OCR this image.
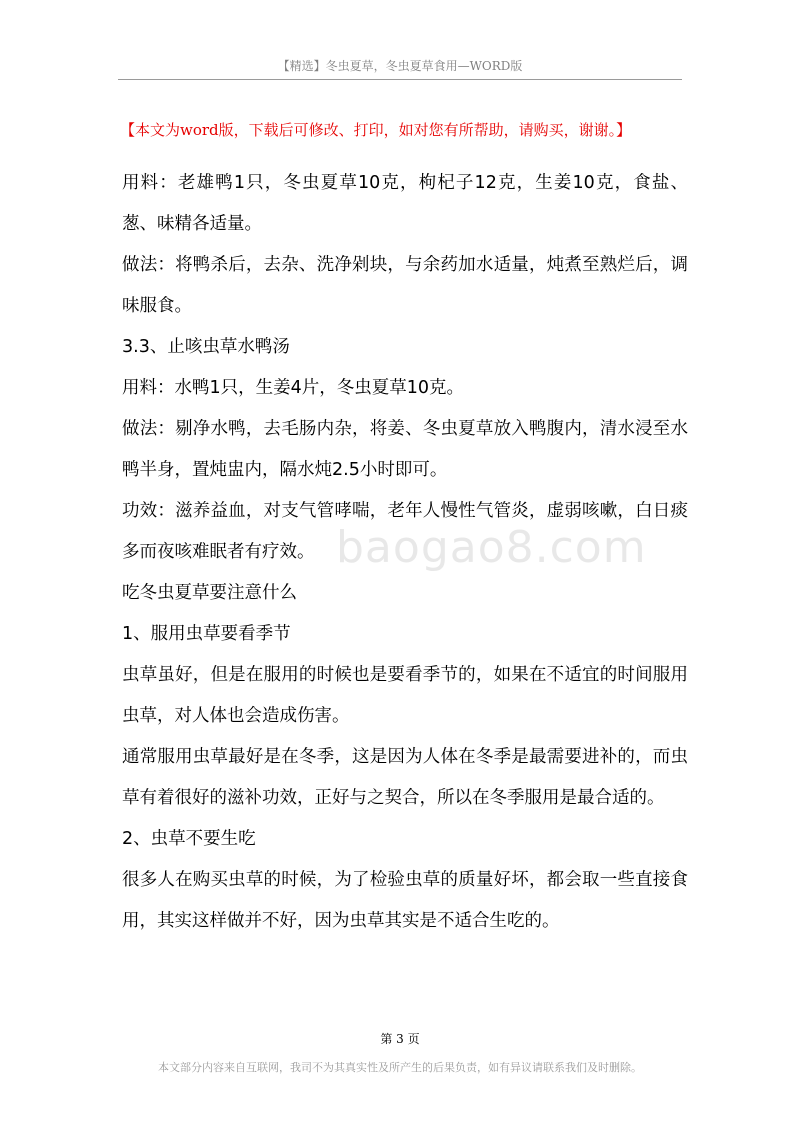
【精选】冬虫夏草，冬虫夏草食用—WORD版
【本文为word版，下载后可修改、打印，如对您有所帮助，请购买，谢谢。】

用料：老雄鸭1只，冬虫夏草10克，枸杞子12克，生姜10克，食盐、葱、味精各适量。

做法：将鸭杀后，去杂、洗净剁块，与余药加水适量，炖煮至熟烂后，调味服食。

3.3、止咳虫草水鸭汤

用料：水鸭1只，生姜4片，冬虫夏草10克。

做法：剔净水鸭，去毛肠内杂，将姜、冬虫夏草放入鸭腹内，清水浸至水鸭半身，置炖盅内，隔水炖2.5小时即可。

功效：滋养益血，对支气管哮喘，老年人慢性气管炎，虚弱咳嗽，白日痰多而夜咳难眠者有疗效。

吃冬虫夏草要注意什么

1、服用虫草要看季节

虫草虽好，但是在服用的时候也是要看季节的，如果在不适宜的时间服用虫草，对人体也会造成伤害。

通常服用虫草最好是在冬季，这是因为人体在冬季是最需要进补的，而虫草有着很好的滋补功效，正好与之契合，所以在冬季服用是最合适的。

2、虫草不要生吃

很多人在购买虫草的时候，为了检验虫草的质量好坏，都会取一些直接食用，其实这样做并不好，因为虫草其实是不适合生吃的。

baogao8.com
第 3 页
本文部分内容来自互联网，我司不为其真实性及所产生的后果负责，如有异议请联系我们及时删除。
